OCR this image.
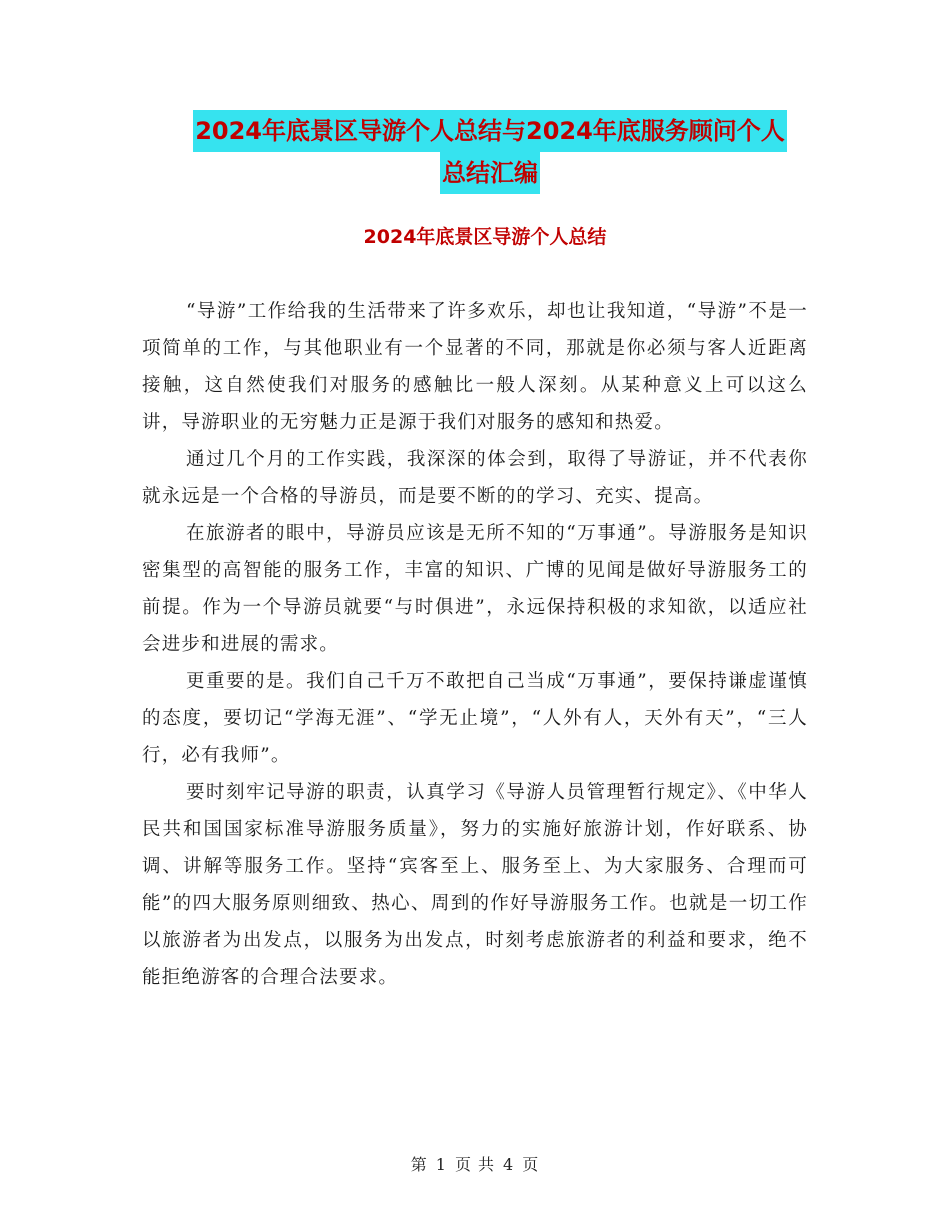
2024年底景区导游个人总结与2024年底服务顾问个人
总结汇编
2024年底景区导游个人总结

“导游”工作给我的生活带来了许多欢乐，却也让我知道，“导游”不是一项简单的工作，与其他职业有一个显著的不同，那就是你必须与客人近距离接触，这自然使我们对服务的感触比一般人深刻。从某种意义上可以这么讲，导游职业的无穷魅力正是源于我们对服务的感知和热爱。

通过几个月的工作实践，我深深的体会到，取得了导游证，并不代表你就永远是一个合格的导游员，而是要不断的的学习、充实、提高。

在旅游者的眼中，导游员应该是无所不知的“万事通”。导游服务是知识密集型的高智能的服务工作，丰富的知识、广博的见闻是做好导游服务工的前提。作为一个导游员就要“与时俱进”，永远保持积极的求知欲，以适应社会进步和进展的需求。

更重要的是。我们自己千万不敢把自己当成“万事通”，要保持谦虚谨慎的态度，要切记“学海无涯”、“学无止境”，“人外有人，天外有天”，“三人行，必有我师”。

要时刻牢记导游的职责，认真学习《导游人员管理暂行规定》、《中华人民共和国国家标准导游服务质量》，努力的实施好旅游计划，作好联系、协调、讲解等服务工作。坚持“宾客至上、服务至上、为大家服务、合理而可能”的四大服务原则细致、热心、周到的作好导游服务工作。也就是一切工作以旅游者为出发点，以服务为出发点，时刻考虑旅游者的利益和要求，绝不能拒绝游客的合理合法要求。

第 1 页 共 4 页
